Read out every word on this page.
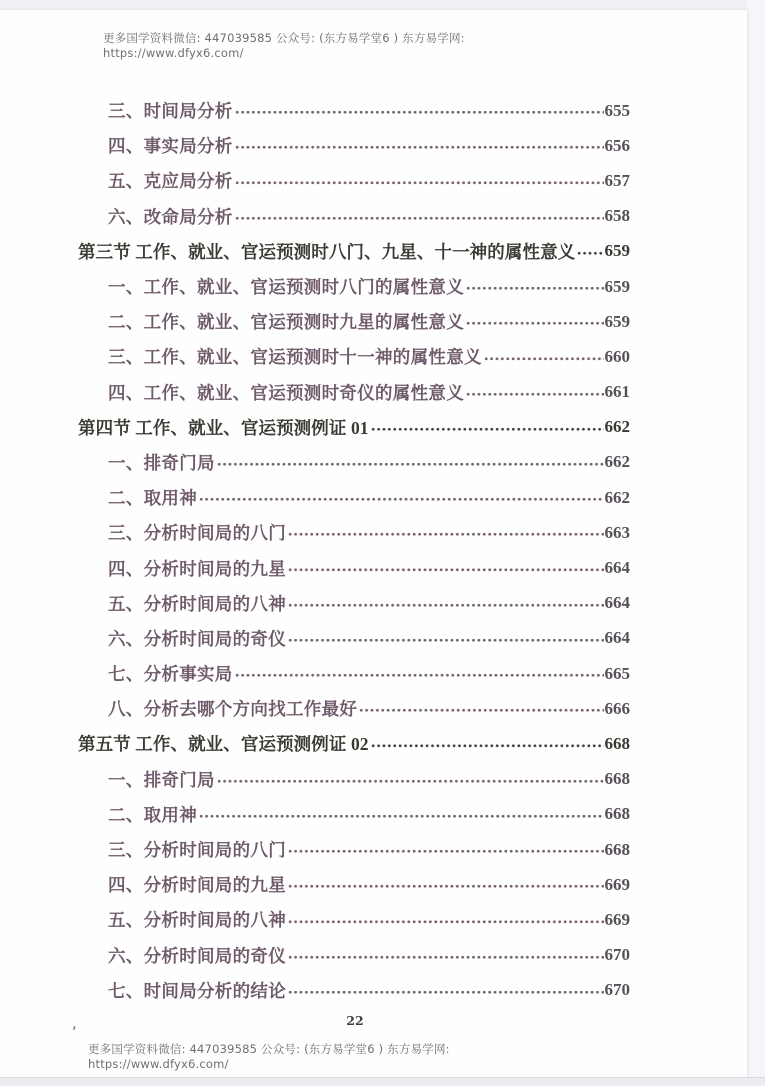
更多国学资料微信: 447039585 公众号: (东方易学堂6 ) 东方易学网:
https://www.dfyx6.com/
三、时间局分析	655
四、事实局分析	656
五、克应局分析	657
六、改命局分析	658
第三节 工作、就业、官运预测时八门、九星、十一神的属性意义 659
一、工作、就业、官运预测时八门的属性意义	659
二、工作、就业、官运预测时九星的属性意义	659
三、工作、就业、官运预测时十一神的属性意义	660
四、工作、就业、官运预测时奇仪的属性意义	661
第四节 工作、就业、官运预测例证 01	662
一、排奇门局	662
二、取用神	662
三、分析时间局的八门	663
四、分析时间局的九星	664
五、分析时间局的八神	664
六、分析时间局的奇仪	664
七、分析事实局	665
八、分析去哪个方向找工作最好	666
第五节 工作、就业、官运预测例证 02	668
一、排奇门局	668
二、取用神	668
三、分析时间局的八门	668
四、分析时间局的九星	669
五、分析时间局的八神	669
六、分析时间局的奇仪	670
七、时间局分析的结论	670
,	22
更多国学资料微信: 447039585 公众号: (东方易学堂6 ) 东方易学网:
https://www.dfyx6.com/
